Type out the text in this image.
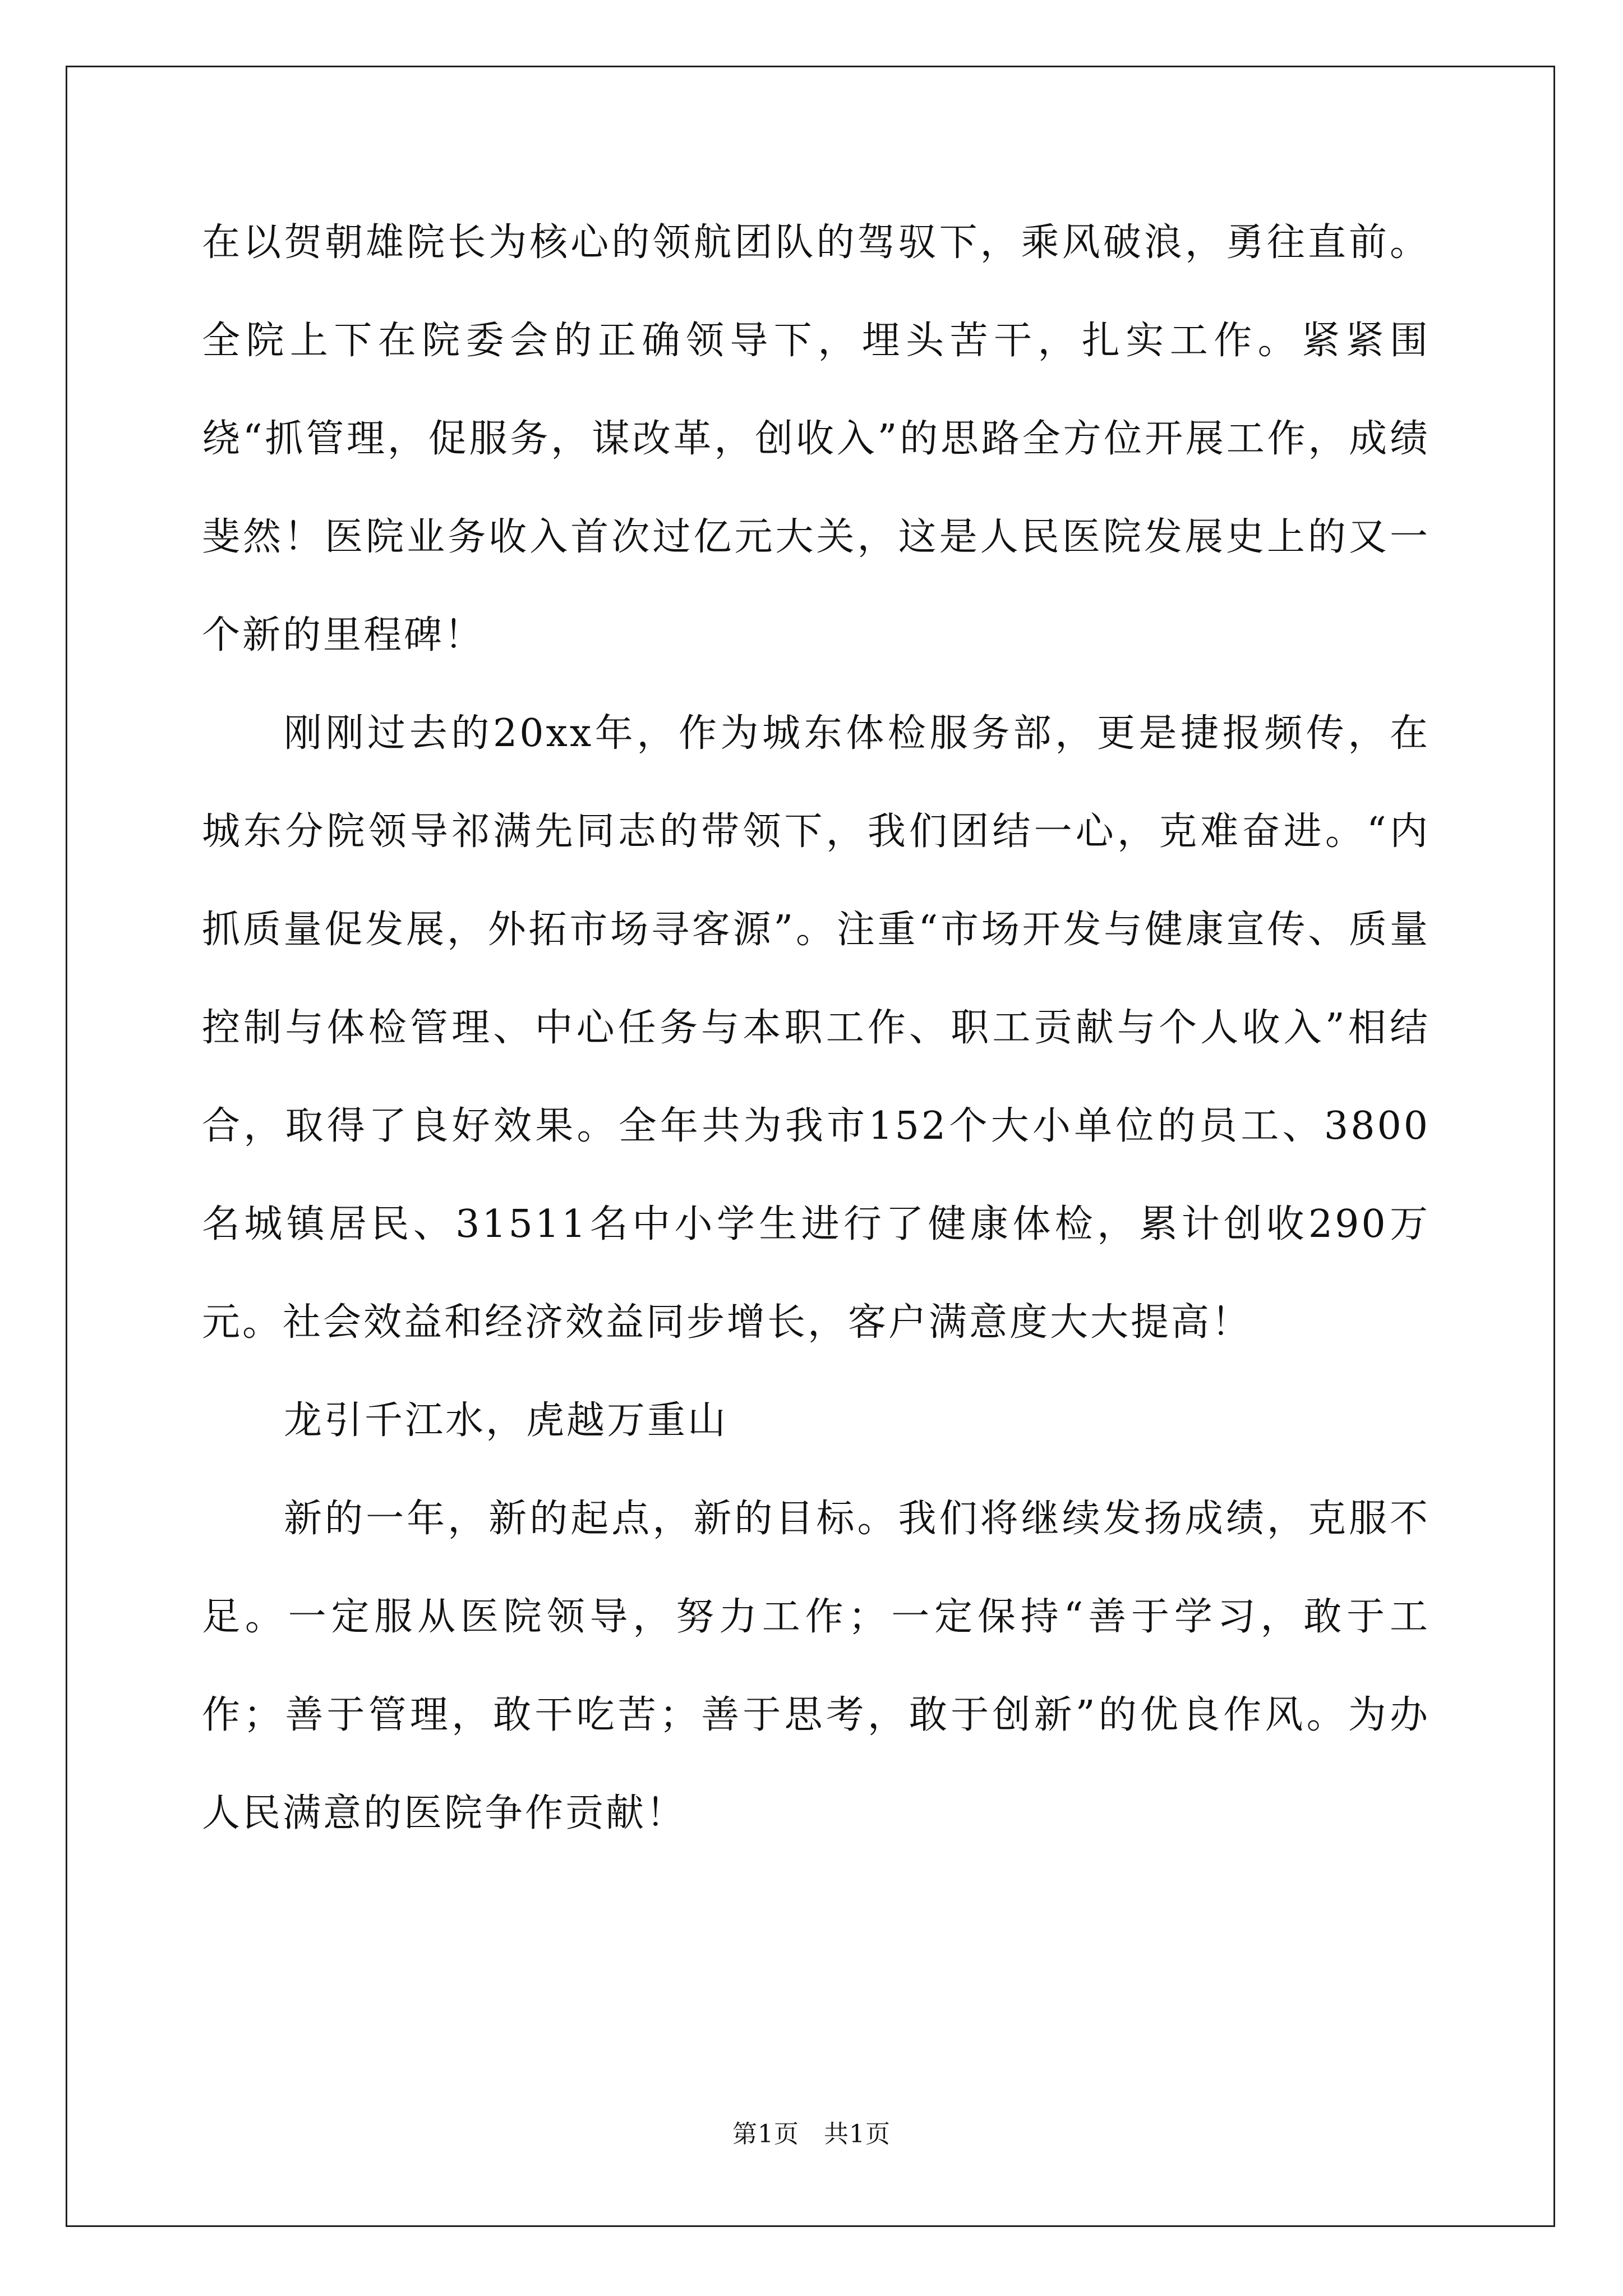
在以贺朝雄院长为核心的领航团队的驾驭下，乘风破浪，勇往直前。全院上下在院委会的正确领导下，埋头苦干，扎实工作。紧紧围绕“抓管理，促服务，谋改革，创收入”的思路全方位开展工作，成绩斐然！医院业务收入首次过亿元大关，这是人民医院发展史上的又一个新的里程碑！

刚刚过去的20xx年，作为城东体检服务部，更是捷报频传，在城东分院领导祁满先同志的带领下，我们团结一心，克难奋进。“内抓质量促发展，外拓市场寻客源”。注重“市场开发与健康宣传、质量控制与体检管理、中心任务与本职工作、职工贡献与个人收入”相结合，取得了良好效果。全年共为我市152个大小单位的员工、3800名城镇居民、31511名中小学生进行了健康体检，累计创收290万元。社会效益和经济效益同步增长，客户满意度大大提高！

龙引千江水，虎越万重山

新的一年，新的起点，新的目标。我们将继续发扬成绩，克服不足。一定服从医院领导，努力工作；一定保持“善于学习，敢于工作；善于管理，敢干吃苦；善于思考，敢于创新”的优良作风。为办人民满意的医院争作贡献！

第1页 共1页
